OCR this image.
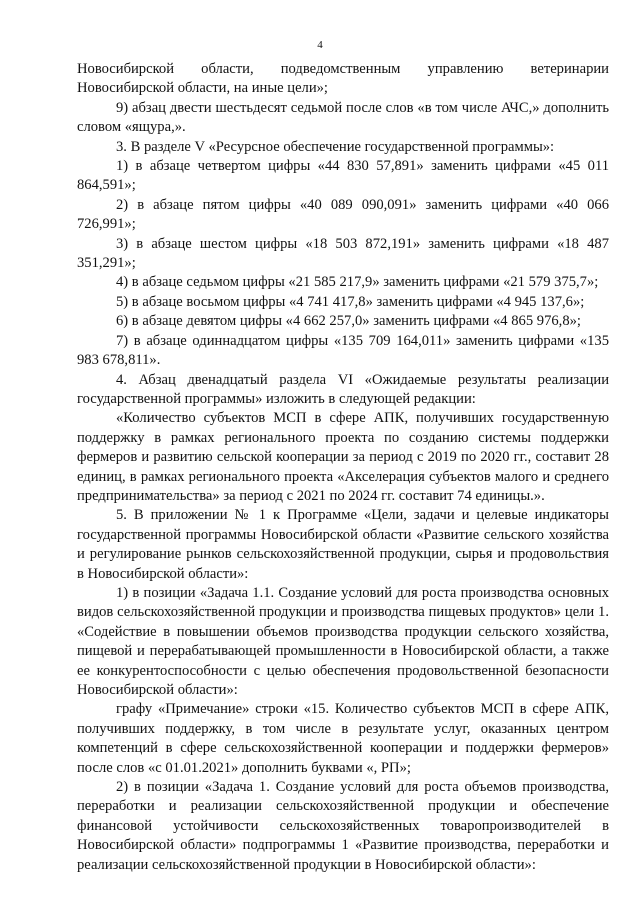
4

Новосибирской области, подведомственным управлению ветеринарии Новосибирской области, на иные цели»;

9) абзац двести шестьдесят седьмой после слов «в том числе АЧС,» дополнить словом «ящура,».

3. В разделе V «Ресурсное обеспечение государственной программы»:

1) в абзаце четвертом цифры «44 830 57,891» заменить цифрами «45 011 864,591»;

2) в абзаце пятом цифры «40 089 090,091» заменить цифрами «40 066 726,991»;

3) в абзаце шестом цифры «18 503 872,191» заменить цифрами «18 487 351,291»;

4) в абзаце седьмом цифры «21 585 217,9» заменить цифрами «21 579 375,7»;

5) в абзаце восьмом цифры «4 741 417,8» заменить цифрами «4 945 137,6»;

6) в абзаце девятом цифры «4 662 257,0» заменить цифрами «4 865 976,8»;

7) в абзаце одиннадцатом цифры «135 709 164,011» заменить цифрами «135 983 678,811».

4. Абзац двенадцатый раздела VI «Ожидаемые результаты реализации государственной программы» изложить в следующей редакции:

«Количество субъектов МСП в сфере АПК, получивших государственную поддержку в рамках регионального проекта по созданию системы поддержки фермеров и развитию сельской кооперации за период с 2019 по 2020 гг., составит 28 единиц, в рамках регионального проекта «Акселерация субъектов малого и среднего предпринимательства» за период с 2021 по 2024 гг. составит 74 единицы.».

5. В приложении № 1 к Программе «Цели, задачи и целевые индикаторы государственной программы Новосибирской области «Развитие сельского хозяйства и регулирование рынков сельскохозяйственной продукции, сырья и продовольствия в Новосибирской области»:

1) в позиции «Задача 1.1. Создание условий для роста производства основных видов сельскохозяйственной продукции и производства пищевых продуктов» цели 1. «Содействие в повышении объемов производства продукции сельского хозяйства, пищевой и перерабатывающей промышленности в Новосибирской области, а также ее конкурентоспособности с целью обеспечения продовольственной безопасности Новосибирской области»:

графу «Примечание» строки «15. Количество субъектов МСП в сфере АПК, получивших поддержку, в том числе в результате услуг, оказанных центром компетенций в сфере сельскохозяйственной кооперации и поддержки фермеров» после слов «с 01.01.2021» дополнить буквами «, РП»;

2) в позиции «Задача 1. Создание условий для роста объемов производства, переработки и реализации сельскохозяйственной продукции и обеспечение финансовой устойчивости сельскохозяйственных товаропроизводителей в Новосибирской области» подпрограммы 1 «Развитие производства, переработки и реализации сельскохозяйственной продукции в Новосибирской области»:
